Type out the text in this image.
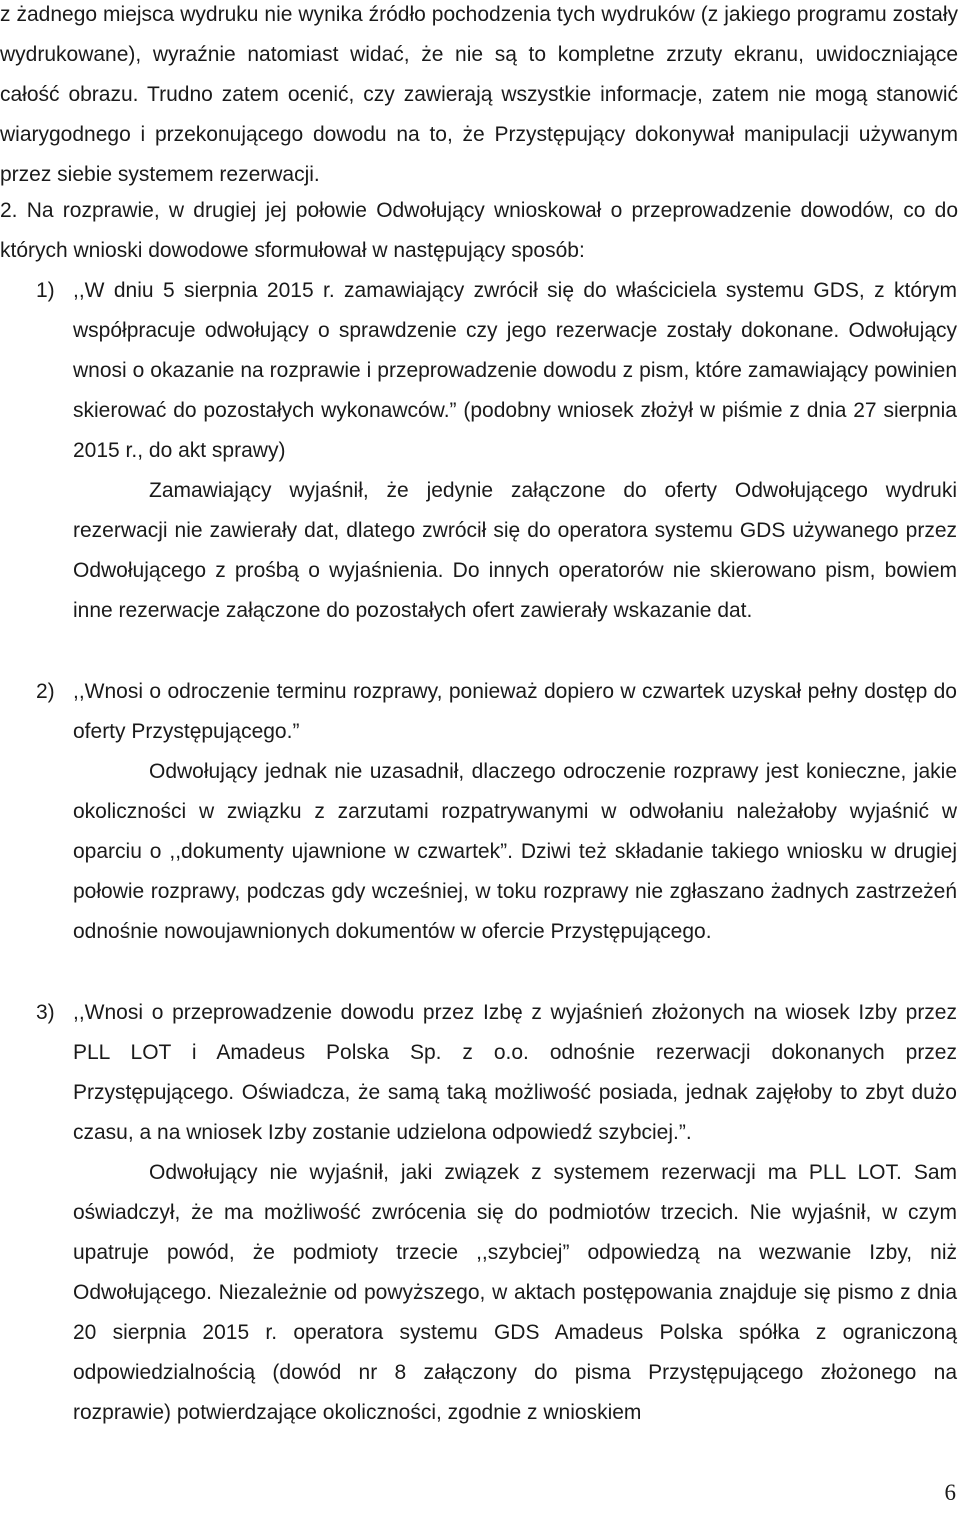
z żadnego miejsca wydruku nie wynika źródło pochodzenia tych wydruków (z jakiego programu zostały wydrukowane), wyraźnie natomiast widać, że nie są to kompletne zrzuty ekranu, uwidoczniające całość obrazu. Trudno zatem ocenić, czy zawierają wszystkie informacje, zatem nie mogą stanowić wiarygodnego i przekonującego dowodu na to, że Przystępujący dokonywał manipulacji używanym przez siebie systemem rezerwacji.

2. Na rozprawie, w drugiej jej połowie Odwołujący wnioskował o przeprowadzenie dowodów, co do których wnioski dowodowe sformułował w następujący sposób:

1) ,,W dniu 5 sierpnia 2015 r. zamawiający zwrócił się do właściciela systemu GDS, z którym współpracuje odwołujący o sprawdzenie czy jego rezerwacje zostały dokonane. Odwołujący wnosi o okazanie na rozprawie i przeprowadzenie dowodu z pism, które zamawiający powinien skierować do pozostałych wykonawców.” (podobny wniosek złożył w piśmie z dnia 27 sierpnia 2015 r., do akt sprawy)

Zamawiający wyjaśnił, że jedynie załączone do oferty Odwołującego wydruki rezerwacji nie zawierały dat, dlatego zwrócił się do operatora systemu GDS używanego przez Odwołującego z prośbą o wyjaśnienia. Do innych operatorów nie skierowano pism, bowiem inne rezerwacje załączone do pozostałych ofert zawierały wskazanie dat.

2) ,,Wnosi o odroczenie terminu rozprawy, ponieważ dopiero w czwartek uzyskał pełny dostęp do oferty Przystępującego.”

Odwołujący jednak nie uzasadnił, dlaczego odroczenie rozprawy jest konieczne, jakie okoliczności w związku z zarzutami rozpatrywanymi w odwołaniu należałoby wyjaśnić w oparciu o ,,dokumenty ujawnione w czwartek”. Dziwi też składanie takiego wniosku w drugiej połowie rozprawy, podczas gdy wcześniej, w toku rozprawy nie zgłaszano żadnych zastrzeżeń odnośnie nowoujawnionych dokumentów w ofercie Przystępującego.

3) ,,Wnosi o przeprowadzenie dowodu przez Izbę z wyjaśnień złożonych na wiosek Izby przez PLL LOT i Amadeus Polska Sp. z o.o. odnośnie rezerwacji dokonanych przez Przystępującego. Oświadcza, że samą taką możliwość posiada, jednak zajęłoby to zbyt dużo czasu, a na wniosek Izby zostanie udzielona odpowiedź szybciej.”.

Odwołujący nie wyjaśnił, jaki związek z systemem rezerwacji ma PLL LOT. Sam oświadczył, że ma możliwość zwrócenia się do podmiotów trzecich. Nie wyjaśnił, w czym upatruje powód, że podmioty trzecie ,,szybciej” odpowiedzą na wezwanie Izby, niż Odwołującego. Niezależnie od powyższego, w aktach postępowania znajduje się pismo z dnia 20 sierpnia 2015 r. operatora systemu GDS Amadeus Polska spółka z ograniczoną odpowiedzialnością (dowód nr 8 załączony do pisma Przystępującego złożonego na rozprawie) potwierdzające okoliczności, zgodnie z wnioskiem

6
